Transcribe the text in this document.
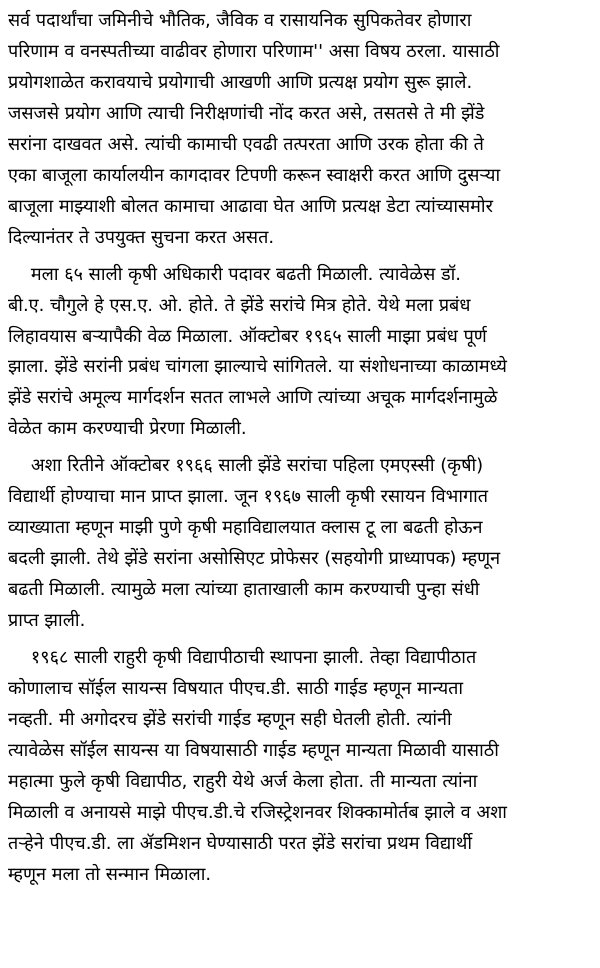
सर्व पदार्थांचा जमिनीचे भौतिक, जैविक व रासायनिक सुपिकतेवर होणारा
परिणाम व वनस्पतीच्या वाढीवर होणारा परिणाम'' असा विषय ठरला. यासाठी
प्रयोगशाळेत करावयाचे प्रयोगाची आखणी आणि प्रत्यक्ष प्रयोग सुरू झाले.
जसजसे प्रयोग आणि त्याची निरीक्षणांची नोंद करत असे, तसतसे ते मी झेंडे
सरांना दाखवत असे. त्यांची कामाची एवढी तत्परता आणि उरक होता की ते
एका बाजूला कार्यालयीन कागदावर टिपणी करून स्वाक्षरी करत आणि दुसऱ्या
बाजूला माझ्याशी बोलत कामाचा आढावा घेत आणि प्रत्यक्ष डेटा त्यांच्यासमोर
दिल्यानंतर ते उपयुक्त सुचना करत असत.
मला ६५ साली कृषी अधिकारी पदावर बढती मिळाली. त्यावेळेस डॉ.
बी.ए. चौगुले हे एस.ए. ओ. होते. ते झेंडे सरांचे मित्र होते. येथे मला प्रबंध
लिहावयास बऱ्यापैकी वेळ मिळाला. ऑक्टोबर १९६५ साली माझा प्रबंध पूर्ण
झाला. झेंडे सरांनी प्रबंध चांगला झाल्याचे सांगितले. या संशोधनाच्या काळामध्ये
झेंडे सरांचे अमूल्य मार्गदर्शन सतत लाभले आणि त्यांच्या अचूक मार्गदर्शनामुळे
वेळेत काम करण्याची प्रेरणा मिळाली.
अशा रितीने ऑक्टोबर १९६६ साली झेंडे सरांचा पहिला एमएस्सी (कृषी)
विद्यार्थी होण्याचा मान प्राप्त झाला. जून १९६७ साली कृषी रसायन विभागात
व्याख्याता म्हणून माझी पुणे कृषी महाविद्यालयात क्लास टू ला बढती होऊन
बदली झाली. तेथे झेंडे सरांना असोसिएट प्रोफेसर (सहयोगी प्राध्यापक) म्हणून
बढती मिळाली. त्यामुळे मला त्यांच्या हाताखाली काम करण्याची पुन्हा संधी
प्राप्त झाली.
१९६८ साली राहुरी कृषी विद्यापीठाची स्थापना झाली. तेव्हा विद्यापीठात
कोणालाच सॉईल सायन्स विषयात पीएच.डी. साठी गाईड म्हणून मान्यता
नव्हती. मी अगोदरच झेंडे सरांची गाईड म्हणून सही घेतली होती. त्यांनी
त्यावेळेस सॉईल सायन्स या विषयासाठी गाईड म्हणून मान्यता मिळावी यासाठी
महात्मा फुले कृषी विद्यापीठ, राहुरी येथे अर्ज केला होता. ती मान्यता त्यांना
मिळाली व अनायसे माझे पीएच.डी.चे रजिस्ट्रेशनवर शिक्कामोर्तब झाले व अशा
तऱ्हेने पीएच.डी. ला ॲडमिशन घेण्यासाठी परत झेंडे सरांचा प्रथम विद्यार्थी
म्हणून मला तो सन्मान मिळाला.
